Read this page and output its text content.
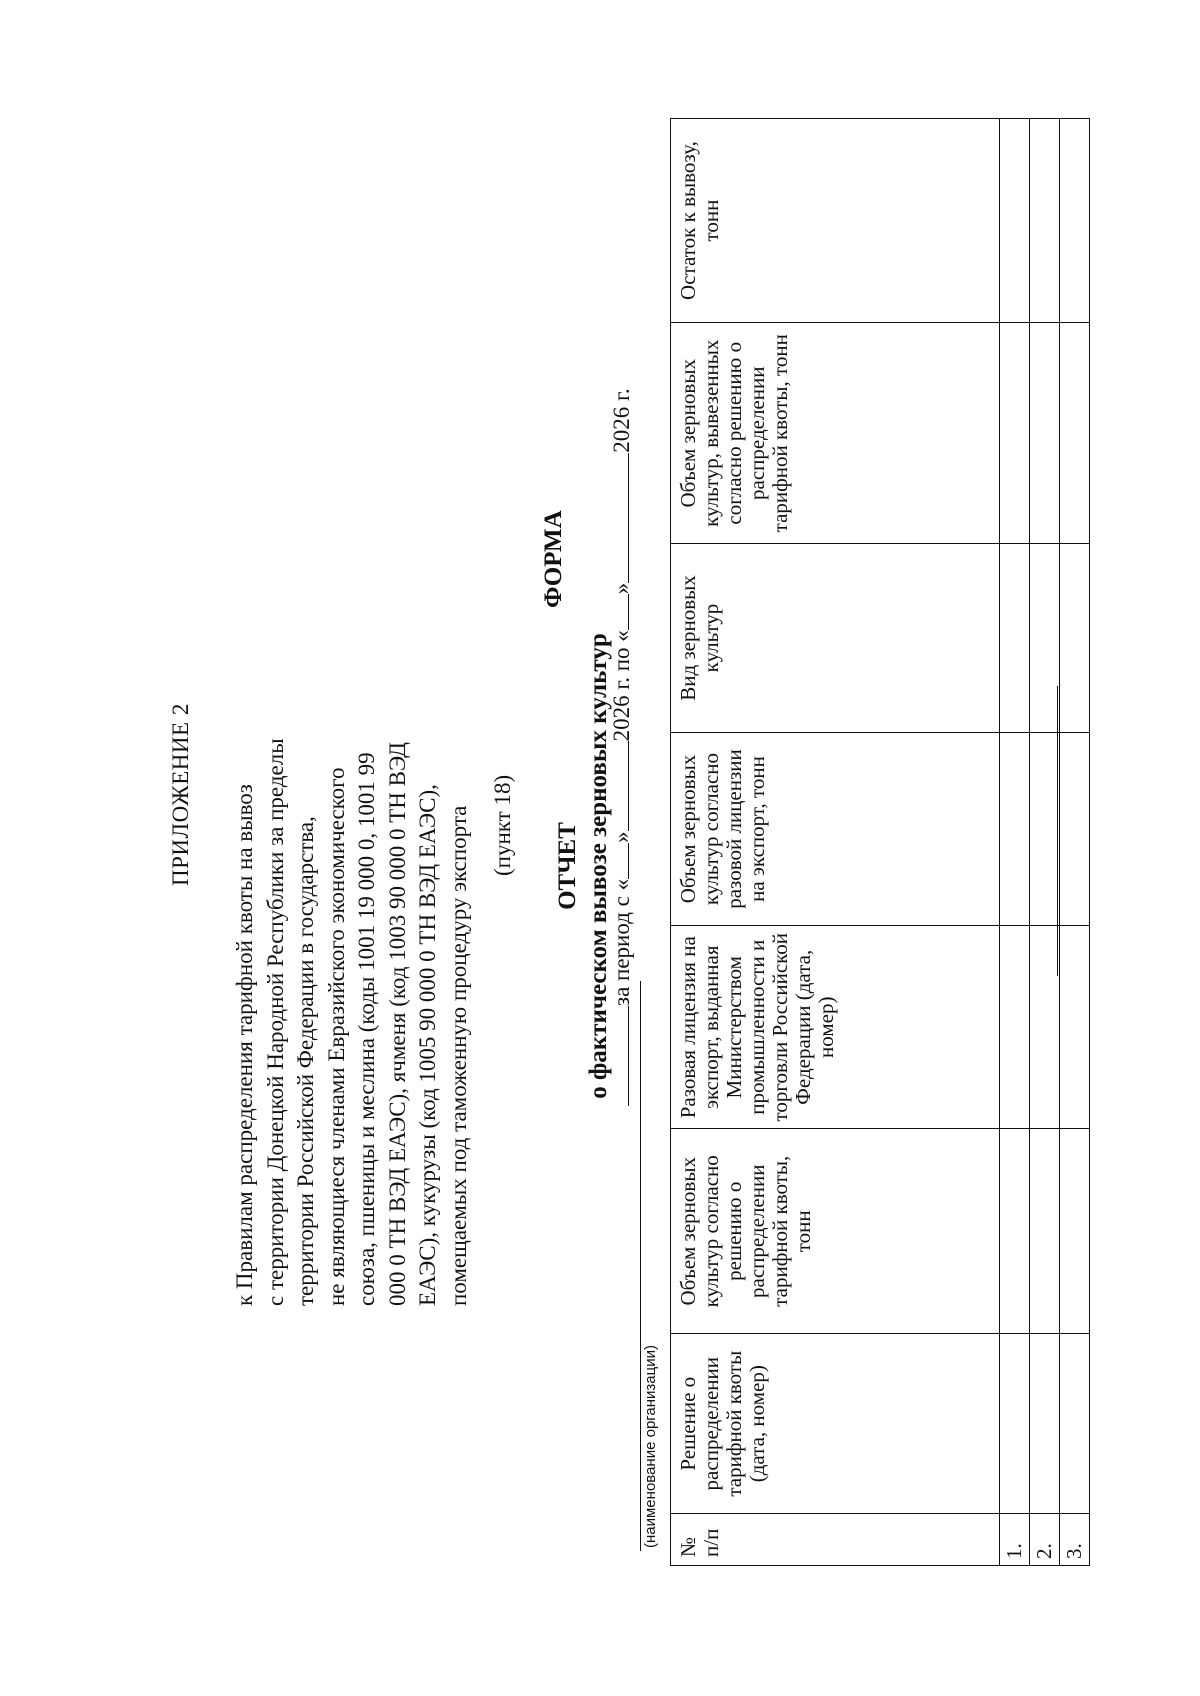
ПРИЛОЖЕНИЕ 2 к Правилам распределения тарифной квоты на вывоз с территории Донецкой Народной Республики за пределы территории Российской Федерации в государства, не являющиеся членами Евразийского экономического союза, пшеницы и меслина (коды 1001 19 000 0, 1001 99 000 0 ТН ВЭД ЕАЭС), ячменя (код 1003 90 000 0 ТН ВЭД ЕАЭС), кукурузы (код 1005 90 000 0 ТН ВЭД ЕАЭС), помещаемых под таможенную процедуру экспорта (пункт 18)
ФОРМА
ОТЧЕТ о фактическом вывозе зерновых культур
за период с «»2026 г. по «»2026 г.
(наименование организации) № п/п	Решение о распределении тарифной квоты (дата, номер)	Объем зерновых культур согласно решению о распределении тарифной квоты, тонн	Разовая лицензия на экспорт, выданная Министерством промышленности и торговли Российской Федерации (дата, номер)	Объем зерновых культур согласно разовой лицензии на экспорт, тонн	Вид зерновых культур	Объем зерновых культур, вывезенных согласно решению о распределении тарифной квоты, тонн	Остаток к вывозу, тонн
1.							
2.							
3.							
